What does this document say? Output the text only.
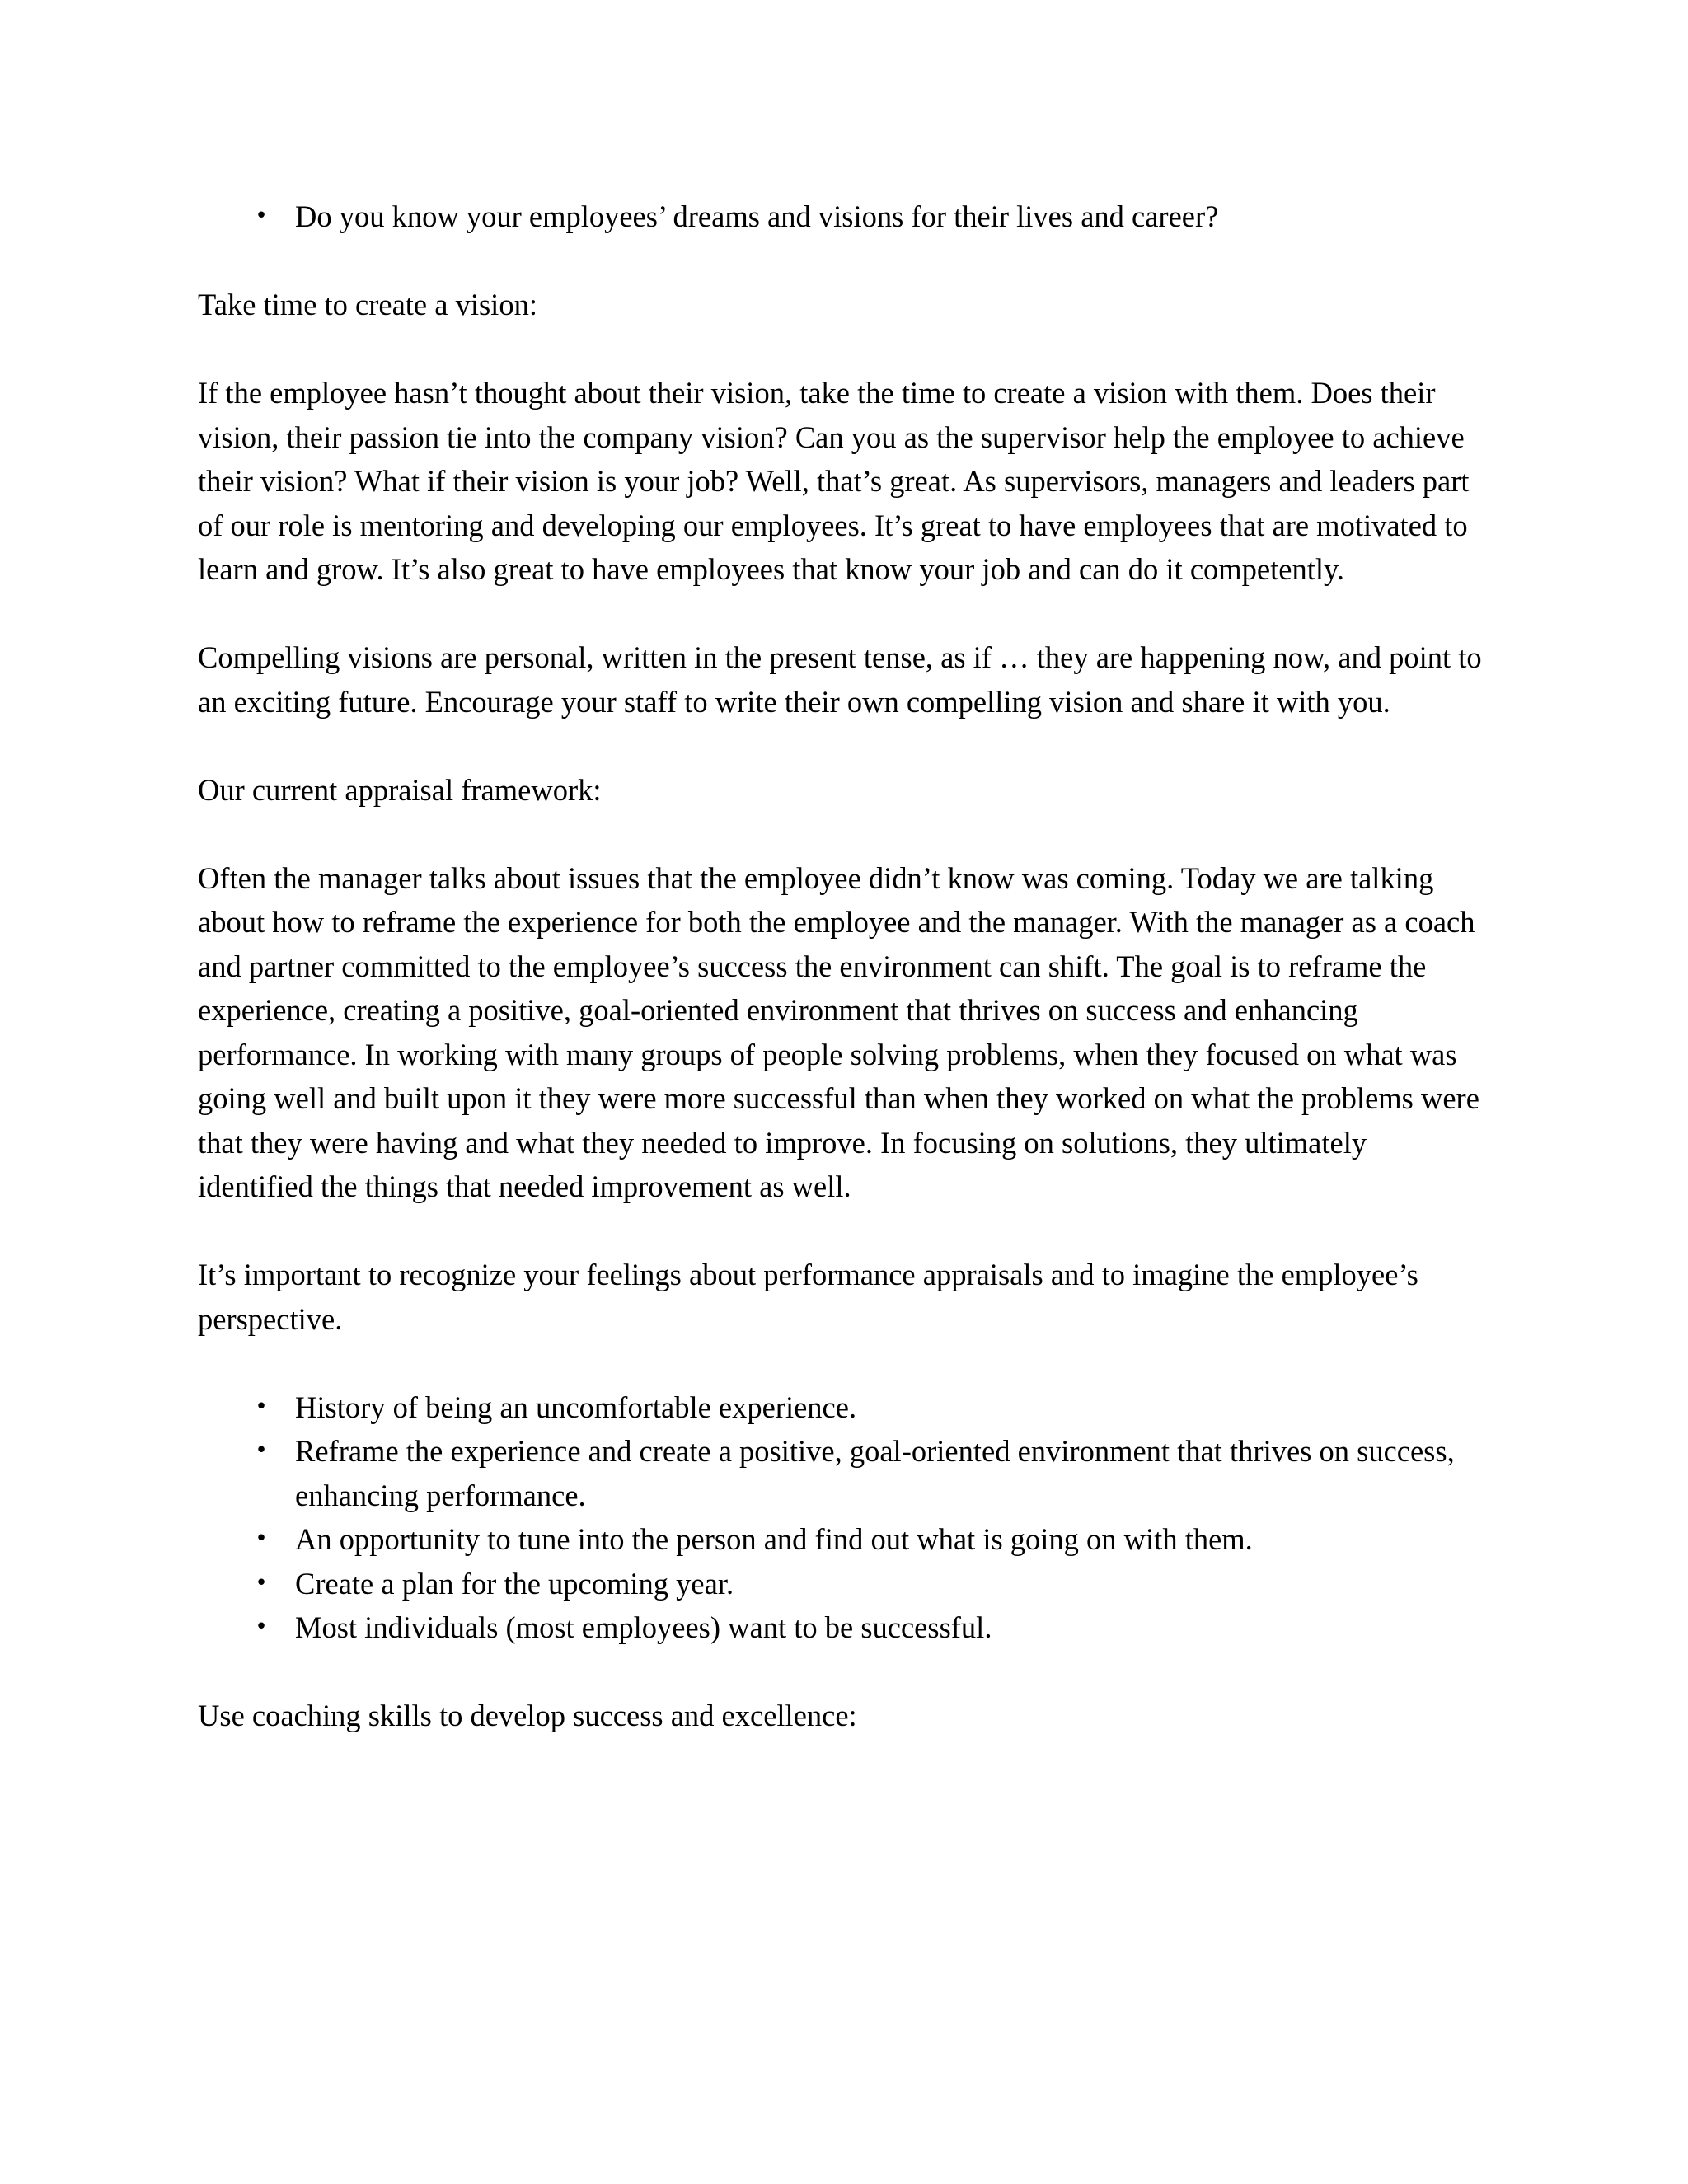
• Do you know your employees’ dreams and visions for their lives and career?

Take time to create a vision:

If the employee hasn’t thought about their vision, take the time to create a vision with them. Does their vision, their passion tie into the company vision? Can you as the supervisor help the employee to achieve their vision? What if their vision is your job? Well, that’s great. As supervisors, managers and leaders part of our role is mentoring and developing our employees. It’s great to have employees that are motivated to learn and grow. It’s also great to have employees that know your job and can do it competently.

Compelling visions are personal, written in the present tense, as if … they are happening now, and point to an exciting future. Encourage your staff to write their own compelling vision and share it with you.

Our current appraisal framework:

Often the manager talks about issues that the employee didn’t know was coming. Today we are talking about how to reframe the experience for both the employee and the manager. With the manager as a coach and partner committed to the employee’s success the environment can shift. The goal is to reframe the experience, creating a positive, goal-oriented environment that thrives on success and enhancing performance. In working with many groups of people solving problems, when they focused on what was going well and built upon it they were more successful than when they worked on what the problems were that they were having and what they needed to improve. In focusing on solutions, they ultimately identified the things that needed improvement as well.

It’s important to recognize your feelings about performance appraisals and to imagine the employee’s perspective.

• History of being an uncomfortable experience.
• Reframe the experience and create a positive, goal-oriented environment that thrives on success, enhancing performance.
• An opportunity to tune into the person and find out what is going on with them.
• Create a plan for the upcoming year.
• Most individuals (most employees) want to be successful.

Use coaching skills to develop success and excellence:
